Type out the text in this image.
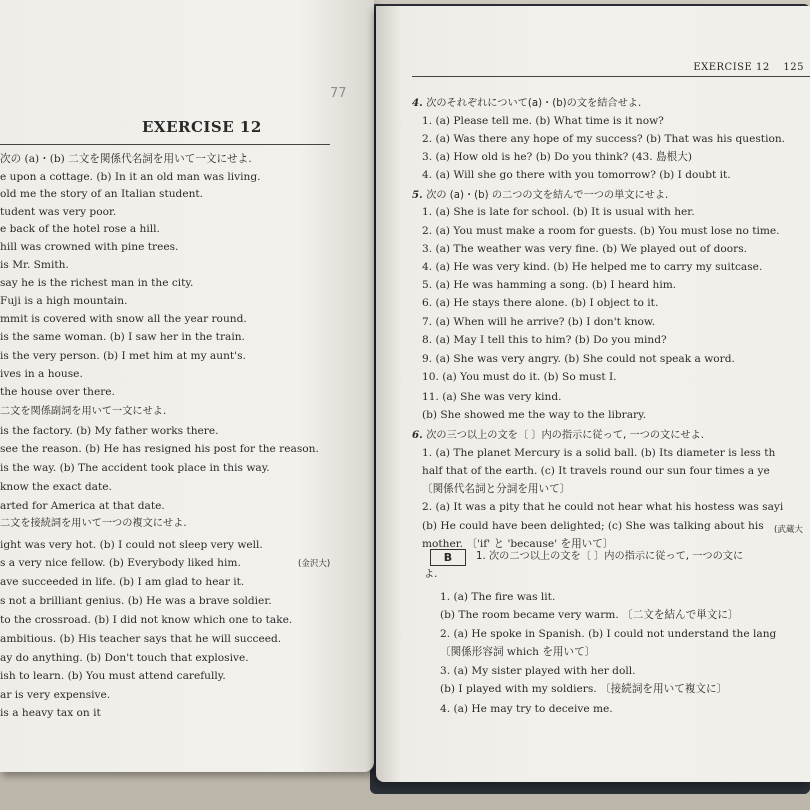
77
EXERCISE 12
次の (a)・(b) 二文を関係代名詞を用いて一文にせよ.
e upon a cottage. (b) In it an old man was living.
old me the story of an Italian student.
tudent was very poor.
e back of the hotel rose a hill.
hill was crowned with pine trees.
is Mr. Smith.
say he is the richest man in the city.
Fuji is a high mountain.
mmit is covered with snow all the year round.
is the same woman. (b) I saw her in the train.
is the very person. (b) I met him at my aunt's.
ives in a house.
the house over there.
二文を関係副詞を用いて一文にせよ.
is the factory. (b) My father works there.
see the reason. (b) He has resigned his post for the reason.
is the way. (b) The accident took place in this way.
know the exact date.
arted for America at that date.
二文を接続詞を用いて一つの複文にせよ.
ight was very hot. (b) I could not sleep very well.
s a very nice fellow. (b) Everybody liked him.
ave succeeded in life. (b) I am glad to hear it.
s not a brilliant genius. (b) He was a brave soldier.
to the crossroad. (b) I did not know which one to take.
ambitious. (b) His teacher says that he will succeed.
ay do anything. (b) Don't touch that explosive.
ish to learn. (b) You must attend carefully.
ar is very expensive.
is a heavy tax on it
(金沢大)
EXERCISE 12 125
4. 次のそれぞれについて(a)・(b)の文を結合せよ.
1. (a) Please tell me. (b) What time is it now?
2. (a) Was there any hope of my success? (b) That was his question.
3. (a) How old is he? (b) Do you think? (43. 島根大)
4. (a) Will she go there with you tomorrow? (b) I doubt it.
5. 次の (a)・(b) の二つの文を結んで一つの単文にせよ.
1. (a) She is late for school. (b) It is usual with her.
2. (a) You must make a room for guests. (b) You must lose no time.
3. (a) The weather was very fine. (b) We played out of doors.
4. (a) He was very kind. (b) He helped me to carry my suitcase.
5. (a) He was hamming a song. (b) I heard him.
6. (a) He stays there alone. (b) I object to it.
7. (a) When will he arrive? (b) I don't know.
8. (a) May I tell this to him? (b) Do you mind?
9. (a) She was very angry. (b) She could not speak a word.
10. (a) You must do it. (b) So must I.
11. (a) She was very kind.
(b) She showed me the way to the library.
6. 次の三つ以上の文を〔 〕内の指示に従って, 一つの文にせよ.
1. (a) The planet Mercury is a solid ball. (b) Its diameter is less th
half that of the earth. (c) It travels round our sun four times a ye
〔関係代名詞と分詞を用いて〕
2. (a) It was a pity that he could not hear what his hostess was sayi
(b) He could have been delighted; (c) She was talking about his
mother. 〔'if' と 'because' を用いて〕
(武蔵大
B	1. 次の二つ以上の文を〔 〕内の指示に従って, 一つの文に
よ.
1. (a) The fire was lit.
(b) The room became very warm. 〔二文を結んで単文に〕
2. (a) He spoke in Spanish. (b) I could not understand the lang
〔関係形容詞 which を用いて〕
3. (a) My sister played with her doll.
(b) I played with my soldiers. 〔接続詞を用いて複文に〕
4. (a) He may try to deceive me.
